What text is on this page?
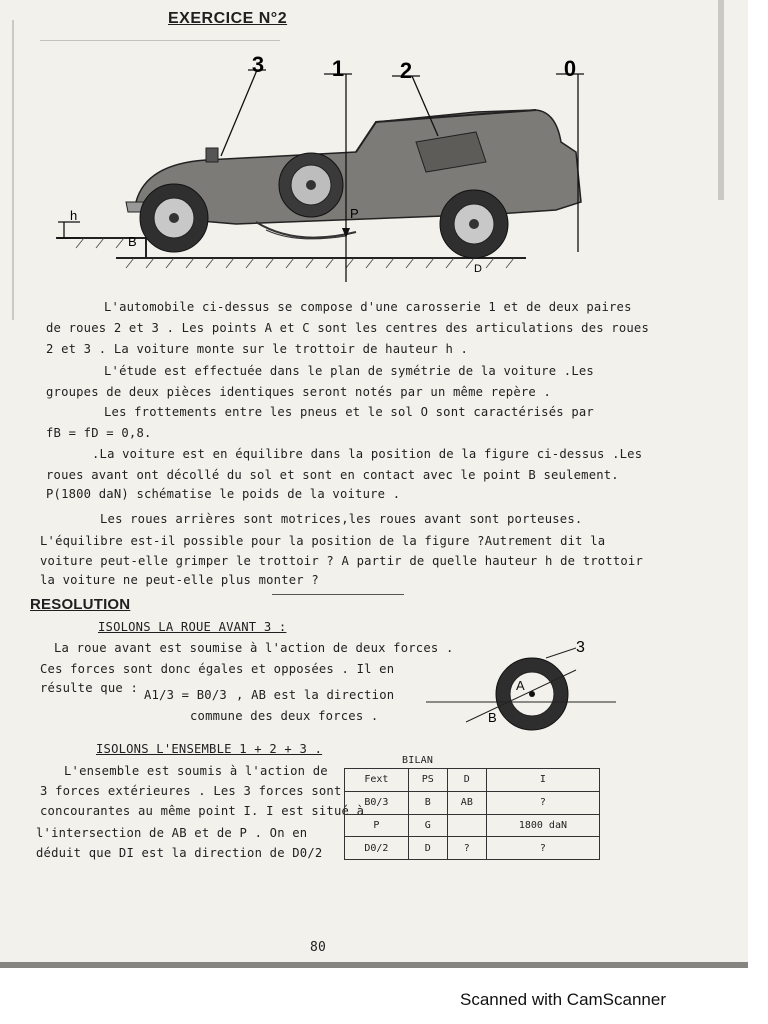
EXERCICE N°2
3	1	2	0
h
B
P
D
L'automobile ci-dessus se compose d'une carosserie 1 et de deux paires
de roues 2 et 3 . Les points A et C sont les centres des articulations des roues
2 et 3 . La voiture monte sur le trottoir de hauteur h .
L'étude est effectuée dans le plan de symétrie de la voiture .Les
groupes de deux pièces identiques seront notés par un même repère .
Les frottements entre les pneus et le sol O sont caractérisés par
fB = fD = 0,8.
.La voiture est en équilibre dans la position de la figure ci-dessus .Les
roues avant ont décollé du sol et sont en contact avec le point B seulement.
P(1800 daN) schématise le poids de la voiture .
Les roues arrières sont motrices,les roues avant sont porteuses.
L'équilibre est-il possible pour la position de la figure ?Autrement dit la
voiture peut-elle grimper le trottoir ? A partir de quelle hauteur h de trottoir
la voiture ne peut-elle plus monter ?
RESOLUTION
ISOLONS LA ROUE AVANT 3 :
La roue avant est soumise à l'action de deux forces .
Ces forces sont donc égales et opposées . Il en
résulte que : A1/3 = B0/3 , AB est la direction
commune des deux forces .
3
A
B
ISOLONS L'ENSEMBLE 1 + 2 + 3 .
L'ensemble est soumis à l'action de
3 forces extérieures . Les 3 forces sont
concourantes au même point I. I est situé à
l'intersection de AB et de P . On en
déduit que DI est la direction de D0/2
BILAN
Fext	PS	D	I
B0/3	B	AB	?
P	G		1800 daN
D0/2	D	?	?
80
Scanned with CamScanner
